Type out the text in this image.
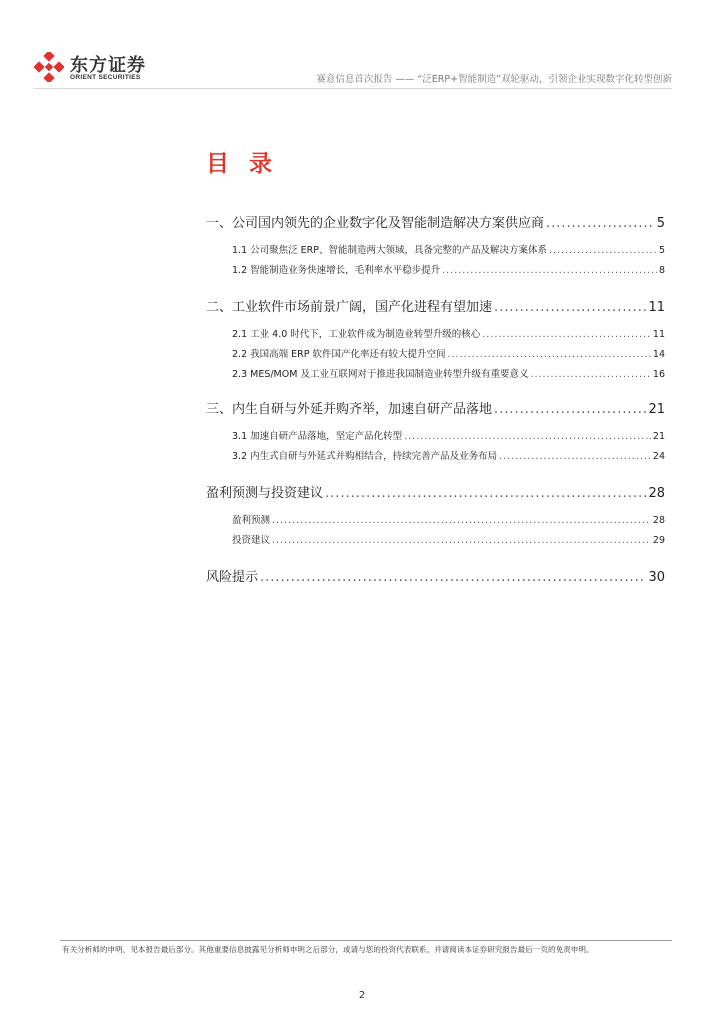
东方证券
ORIENT SECURITIES	赛意信息首次报告 —— “泛ERP+智能制造”双轮驱动，引领企业实现数字化转型创新
目 录
一、公司国内领先的企业数字化及智能制造解决方案供应商 .....	5
1.1 公司聚焦泛 ERP、智能制造两大领域，具备完整的产品及解决方案体系 .....	5
1.2 智能制造业务快速增长，毛利率水平稳步提升 .....	8
二、工业软件市场前景广阔，国产化进程有望加速 .....	11
2.1 工业 4.0 时代下，工业软件成为制造业转型升级的核心 .....	11
2.2 我国高端 ERP 软件国产化率还有较大提升空间 .....	14
2.3 MES/MOM 及工业互联网对于推进我国制造业转型升级有重要意义 .....	16
三、内生自研与外延并购齐举，加速自研产品落地 .....	21
3.1 加速自研产品落地，坚定产品化转型 .....	21
3.2 内生式自研与外延式并购相结合，持续完善产品及业务布局 .....	24
盈利预测与投资建议 .....	28
盈利预测 .....	28
投资建议 .....	29
风险提示 .....	30
有关分析师的申明，见本报告最后部分。其他重要信息披露见分析师申明之后部分，或请与您的投资代表联系。并请阅读本证券研究报告最后一页的免责申明。
2
